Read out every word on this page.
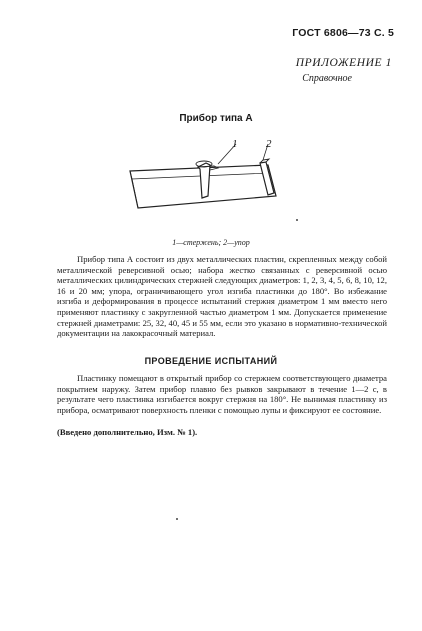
ГОСТ 6806—73 С. 5
ПРИЛОЖЕНИЕ 1
Справочное
Прибор типа А
1	2
1—стержень; 2—упор
Прибор типа А состоит из двух металлических пластин, скрепленных между собой металлической реверсивной осью; набора жестко связанных с реверсивной осью металлических цилиндрических стержней следующих диаметров: 1, 2, 3, 4, 5, 6, 8, 10, 12, 16 и 20 мм; упора, ограничивающего угол изгиба пластинки до 180°. Во избежание изгиба и деформирования в процессе испытаний стержня диаметром 1 мм вместо него применяют пластинку с закругленной частью диаметром 1 мм. Допускается применение стержней диаметрами: 25, 32, 40, 45 и 55 мм, если это указано в нормативно-технической документации на лакокрасочный материал.
ПРОВЕДЕНИЕ ИСПЫТАНИЙ
Пластинку помещают в открытый прибор со стержнем соответствующего диаметра покрытием наружу. Затем прибор плавно без рывков закрывают в течение 1—2 с, в результате чего пластинка изгибается вокруг стержня на 180°. Не вынимая пластинку из прибора, осматривают поверхность пленки с помощью лупы и фиксируют ее состояние.
(Введено дополнительно, Изм. № 1).
